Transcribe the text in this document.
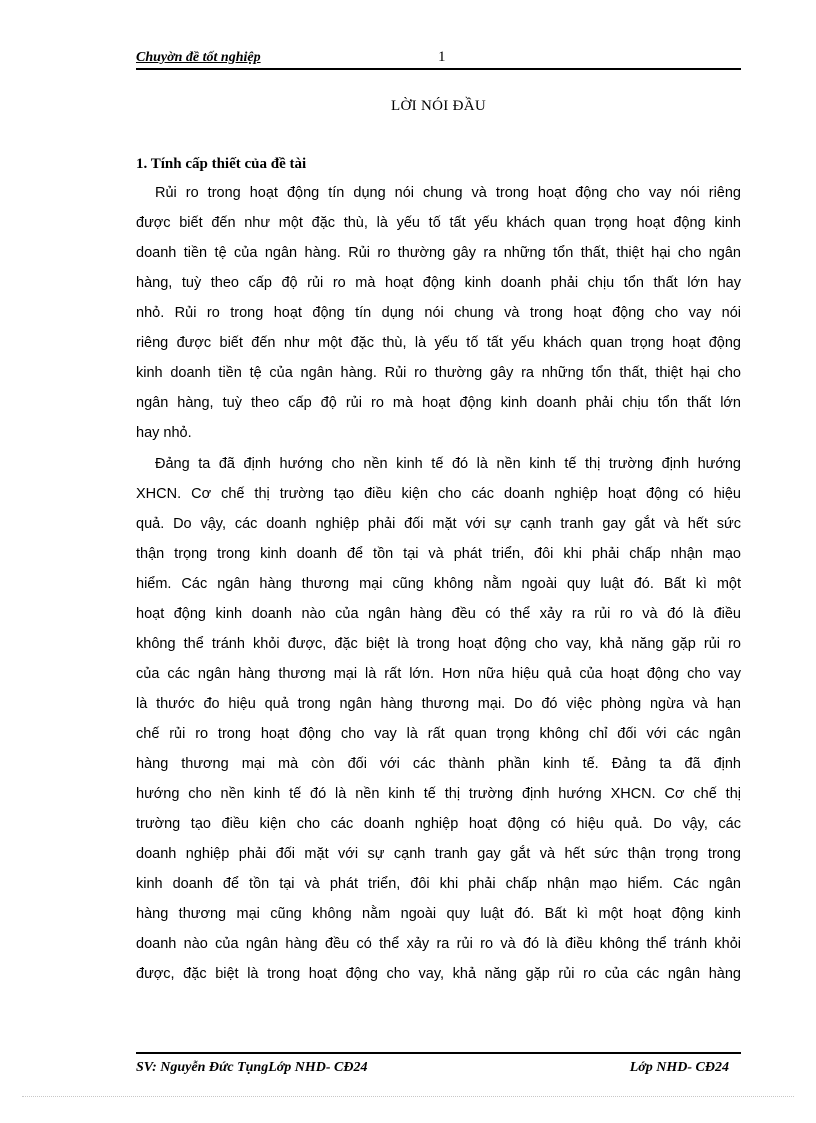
Chuyờn đề tốt nghiệp	1
LỜI NÓI ĐẦU
1. Tính cấp thiết của đề tài
Rủi ro trong hoạt động tín dụng nói chung và trong hoạt động cho vay nói riêng
được biết đến như một đặc thù, là yếu tố tất yếu khách quan trọng hoạt động kinh
doanh tiền tệ của ngân hàng. Rủi ro thường gây ra những tổn thất, thiệt hại cho ngân
hàng, tuỳ theo cấp độ rủi ro mà hoạt động kinh doanh phải chịu tổn thất lớn hay
nhỏ. Rủi ro trong hoạt động tín dụng nói chung và trong hoạt động cho vay nói
riêng được biết đến như một đặc thù, là yếu tố tất yếu khách quan trọng hoạt động
kinh doanh tiền tệ của ngân hàng. Rủi ro thường gây ra những tổn thất, thiệt hại cho
ngân hàng, tuỳ theo cấp độ rủi ro mà hoạt động kinh doanh phải chịu tổn thất lớn
hay nhỏ.
Đảng ta đã định hướng cho nền kinh tế đó là nền kinh tế thị trường định hướng
XHCN. Cơ chế thị trường tạo điều kiện cho các doanh nghiệp hoạt động có hiệu
quả. Do vậy, các doanh nghiệp phải đối mặt với sự cạnh tranh gay gắt và hết sức
thận trọng trong kinh doanh để tồn tại và phát triển, đôi khi phải chấp nhận mạo
hiểm. Các ngân hàng thương mại cũng không nằm ngoài quy luật đó. Bất kì một
hoạt động kinh doanh nào của ngân hàng đều có thể xảy ra rủi ro và đó là điều
không thể tránh khỏi được, đặc biệt là trong hoạt động cho vay, khả năng gặp rủi ro
của các ngân hàng thương mại là rất lớn. Hơn nữa hiệu quả của hoạt động cho vay
là thước đo hiệu quả trong ngân hàng thương mại. Do đó việc phòng ngừa và hạn
chế rủi ro trong hoạt động cho vay là rất quan trọng không chỉ đối với các ngân
hàng thương mại mà còn đối với các thành phần kinh tế. Đảng ta đã định
hướng cho nền kinh tế đó là nền kinh tế thị trường định hướng XHCN. Cơ chế thị
trường tạo điều kiện cho các doanh nghiệp hoạt động có hiệu quả. Do vậy, các
doanh nghiệp phải đối mặt với sự cạnh tranh gay gắt và hết sức thận trọng trong
kinh doanh để tồn tại và phát triển, đôi khi phải chấp nhận mạo hiểm. Các ngân
hàng thương mại cũng không nằm ngoài quy luật đó. Bất kì một hoạt động kinh
doanh nào của ngân hàng đều có thể xảy ra rủi ro và đó là điều không thể tránh khỏi
được, đặc biệt là trong hoạt động cho vay, khả năng gặp rủi ro của các ngân hàng
SV: Nguyễn Đức TụngLớp NHD- CĐ24	Lớp NHD- CĐ24
